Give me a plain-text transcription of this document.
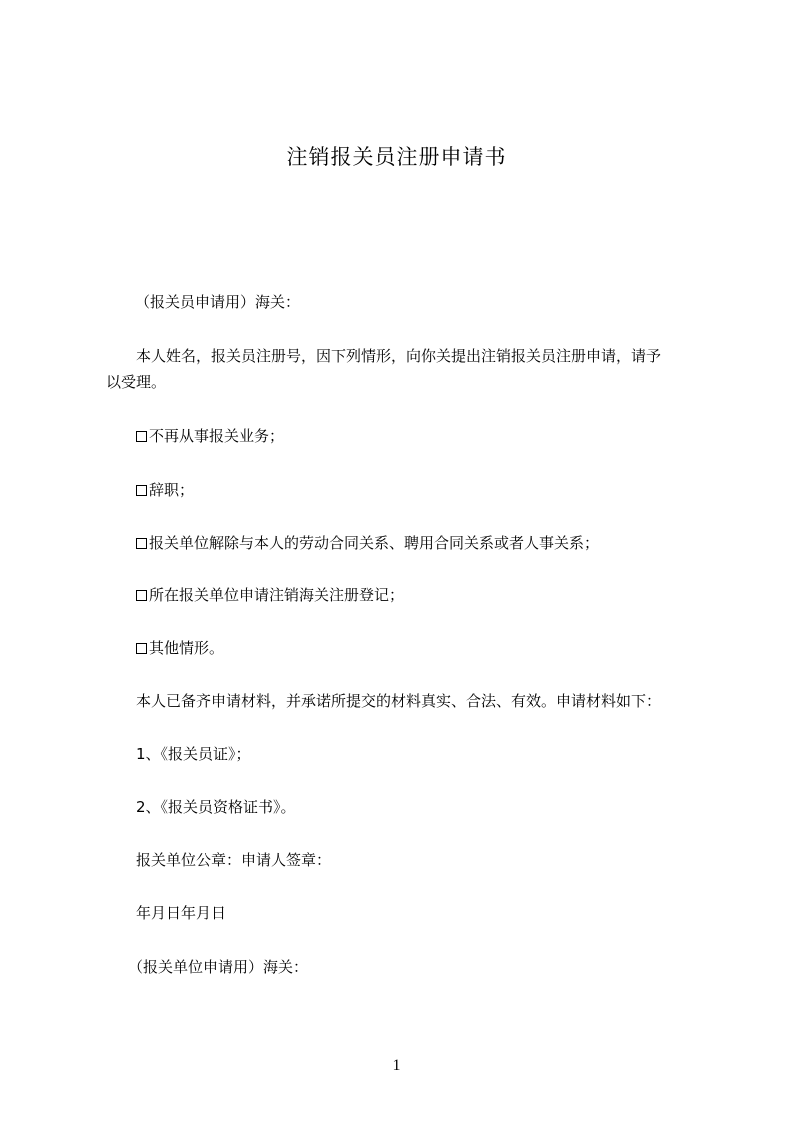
注销报关员注册申请书
（报关员申请用）海关：
本人姓名，报关员注册号，因下列情形，向你关提出注销报关员注册申请，请予
以受理。
不再从事报关业务；
辞职；
报关单位解除与本人的劳动合同关系、聘用合同关系或者人事关系；
所在报关单位申请注销海关注册登记；
其他情形。
本人已备齐申请材料，并承诺所提交的材料真实、合法、有效。申请材料如下：
1、《报关员证》；
2、《报关员资格证书》。
报关单位公章：申请人签章：
年月日年月日
（报关单位申请用）海关：
1
